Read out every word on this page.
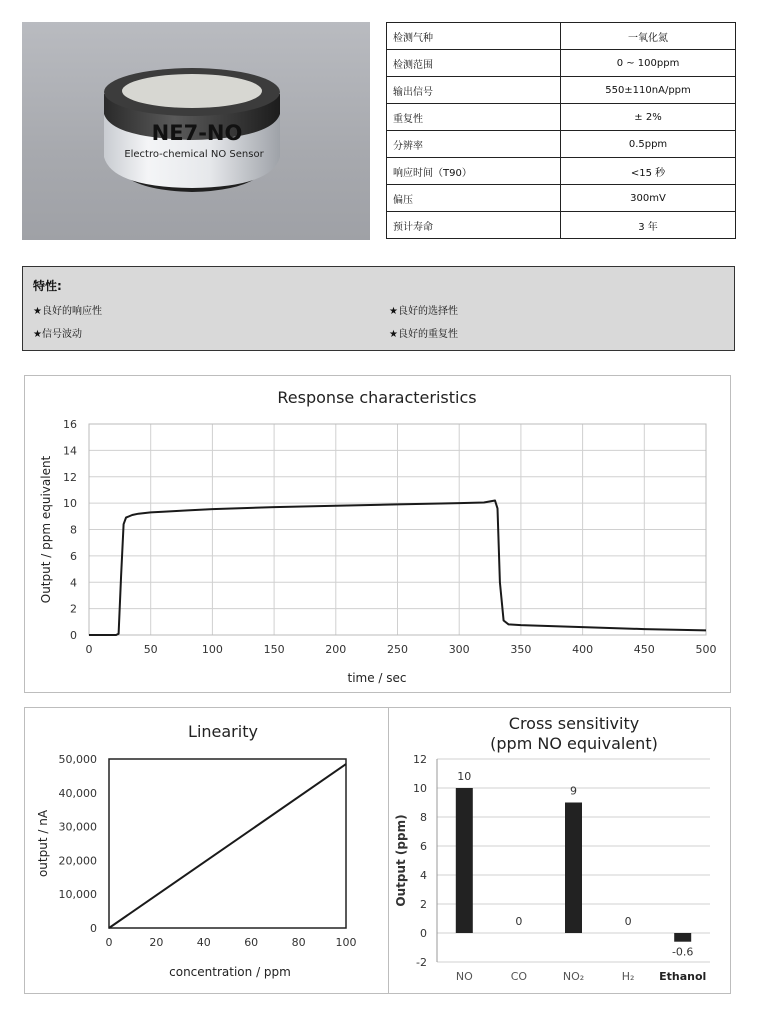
NE7-NO
Electro-chemical NO Sensor
检测气种	一氧化氮
检测范围	0 ~ 100ppm
输出信号	550±110nA/ppm
重复性	± 2%
分辨率	0.5ppm
响应时间（T90）	<15 秒
偏压	300mV
预计寿命	3 年
特性:
★良好的响应性	★良好的选择性
★信号波动	★良好的重复性
Response characteristics
0	50	100	150	200	250	300	350	400	450	500
0
2
4
6
8
10
12
14
16
time / sec
Output / ppm equivalent
Linearity
0	20	40	60	80	100
0
10,000
20,000
30,000
40,000
50,000
concentration / ppm
output / nA
Cross sensitivity
(ppm NO equivalent)
-2
0
2
4
6
8
10
12
Output (ppm)
10
NO
0
CO
9
NO₂
0
H₂
-0.6
Ethanol
